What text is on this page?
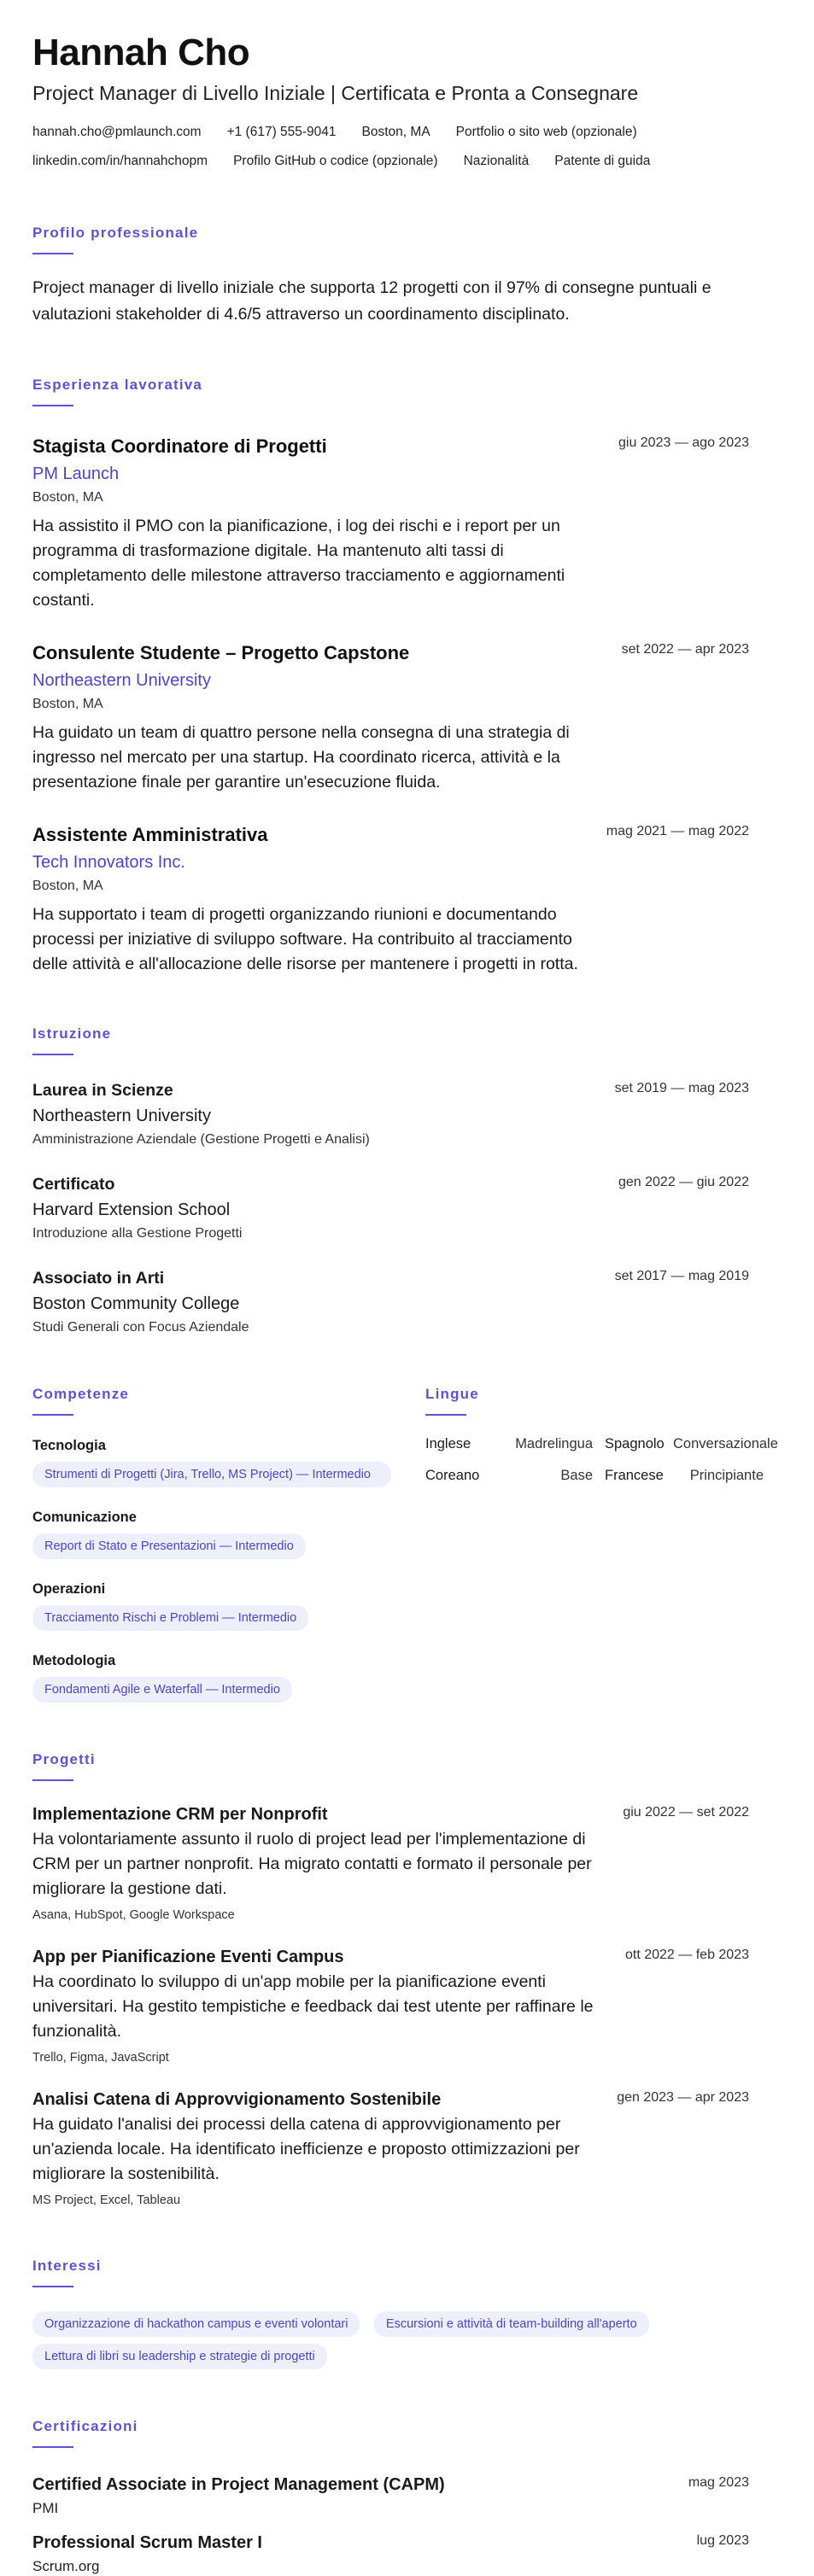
Hannah Cho
Project Manager di Livello Iniziale | Certificata e Pronta a Consegnare
hannah.cho@pmlaunch.com +1 (617) 555-9041 Boston, MA Portfolio o sito web (opzionale)
linkedin.com/in/hannahchopm Profilo GitHub o codice (opzionale) Nazionalità Patente di guida
Profilo professionale
Project manager di livello iniziale che supporta 12 progetti con il 97% di consegne puntuali e valutazioni stakeholder di 4.6/5 attraverso un coordinamento disciplinato.
Esperienza lavorativa
Stagista Coordinatore di Progetti	giu 2023 — ago 2023
PM Launch
Boston, MA
Ha assistito il PMO con la pianificazione, i log dei rischi e i report per un programma di trasformazione digitale. Ha mantenuto alti tassi di completamento delle milestone attraverso tracciamento e aggiornamenti costanti.
Consulente Studente – Progetto Capstone	set 2022 — apr 2023
Northeastern University
Boston, MA
Ha guidato un team di quattro persone nella consegna di una strategia di ingresso nel mercato per una startup. Ha coordinato ricerca, attività e la presentazione finale per garantire un'esecuzione fluida.
Assistente Amministrativa	mag 2021 — mag 2022
Tech Innovators Inc.
Boston, MA
Ha supportato i team di progetti organizzando riunioni e documentando processi per iniziative di sviluppo software. Ha contribuito al tracciamento delle attività e all'allocazione delle risorse per mantenere i progetti in rotta.
Istruzione
Laurea in Scienze	set 2019 — mag 2023
Northeastern University
Amministrazione Aziendale (Gestione Progetti e Analisi)
Certificato	gen 2022 — giu 2022
Harvard Extension School
Introduzione alla Gestione Progetti
Associato in Arti	set 2017 — mag 2019
Boston Community College
Studi Generali con Focus Aziendale
Competenze
Tecnologia
Strumenti di Progetti (Jira, Trello, MS Project) — Intermedio
Comunicazione
Report di Stato e Presentazioni — Intermedio
Operazioni
Tracciamento Rischi e Problemi — Intermedio
Metodologia
Fondamenti Agile e Waterfall — Intermedio
Lingue
Inglese	Madrelingua Spagnolo Conversazionale
Coreano	Base Francese	Principiante
Progetti
Implementazione CRM per Nonprofit	giu 2022 — set 2022
Ha volontariamente assunto il ruolo di project lead per l'implementazione di CRM per un partner nonprofit. Ha migrato contatti e formato il personale per migliorare la gestione dati.
Asana, HubSpot, Google Workspace
App per Pianificazione Eventi Campus	ott 2022 — feb 2023
Ha coordinato lo sviluppo di un'app mobile per la pianificazione eventi universitari. Ha gestito tempistiche e feedback dai test utente per raffinare le funzionalità.
Trello, Figma, JavaScript
Analisi Catena di Approvvigionamento Sostenibile	gen 2023 — apr 2023
Ha guidato l'analisi dei processi della catena di approvvigionamento per un'azienda locale. Ha identificato inefficienze e proposto ottimizzazioni per migliorare la sostenibilità.
MS Project, Excel, Tableau
Interessi
Organizzazione di hackathon campus e eventi volontari	Escursioni e attività di team-building all'aperto Lettura di libri su leadership e strategie di progetti
Certificazioni
Certified Associate in Project Management (CAPM)	mag 2023
PMI
Professional Scrum Master I	lug 2023
Scrum.org
